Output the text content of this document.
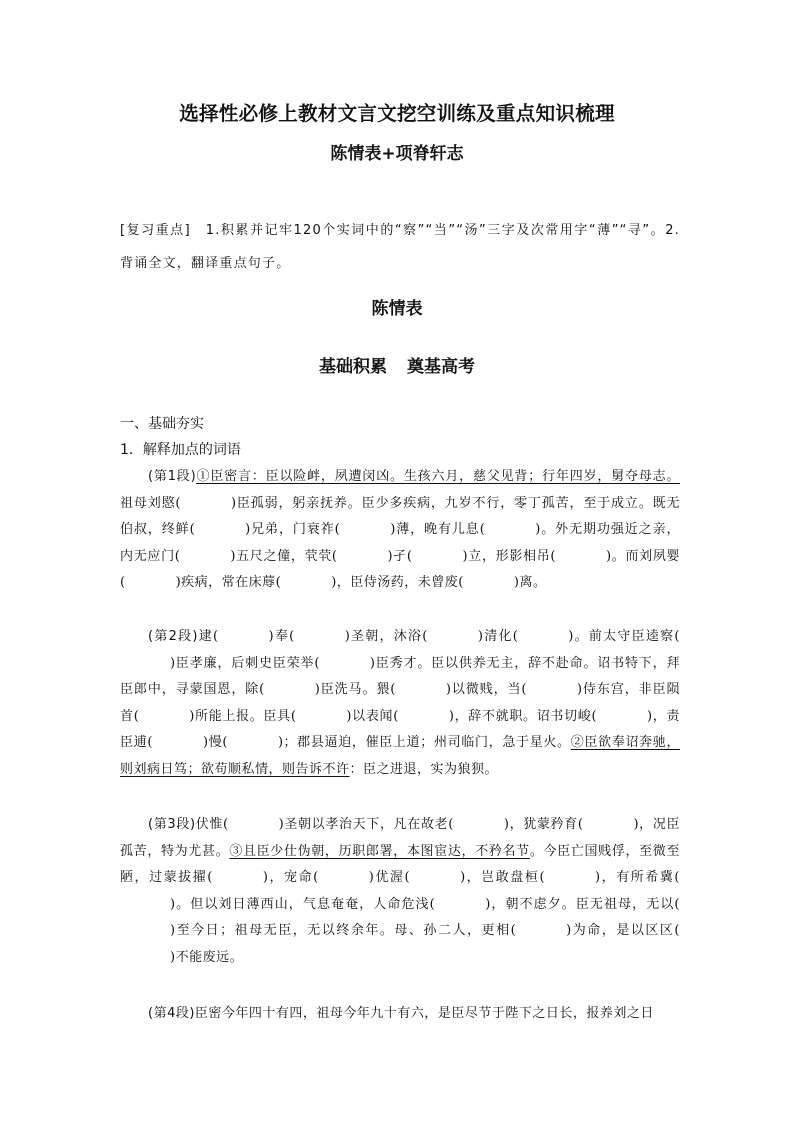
选择性必修上教材文言文挖空训练及重点知识梳理
陈情表+项脊轩志
[复习重点]　1.积累并记牢120个实词中的“察”“当”“汤”三字及次常用字“薄”“寻”。2.背诵全文，翻译重点句子。
陈情表
基础积累 奠基高考
一、基础夯实
1．解释加点的词语
(第1段)①臣密言：臣以险衅，夙遭闵凶。生孩六月，慈父见背；行年四岁，舅夺母志。祖母刘愍(	)臣孤弱，躬亲抚养。臣少多疾病，九岁不行，零丁孤苦，至于成立。既无伯叔，终鲜(	)兄弟，门衰祚(	)薄，晚有儿息(	)。外无期功强近之亲，内无应门(	)五尺之僮，茕茕(	)孑(	)立，形影相吊(	)。而刘夙婴(	)疾病，常在床蓐(	)，臣侍汤药，未曾废(	)离。
(第2段)逮(	)奉(	)圣朝，沐浴(	)清化(	)。前太守臣逵察()臣孝廉，后刺史臣荣举(	)臣秀才。臣以供养无主，辞不赴命。诏书特下，拜臣郎中，寻蒙国恩，除(	)臣洗马。猥(	)以微贱，当(	)侍东宫，非臣陨首(	)所能上报。臣具(	)以表闻(	)，辞不就职。诏书切峻(	)，责臣逋(	)慢(	)；郡县逼迫，催臣上道；州司临门，急于星火。②臣欲奉诏奔驰，则刘病日笃；欲苟顺私情，则告诉不许：臣之进退，实为狼狈。
(第3段)伏惟(	)圣朝以孝治天下，凡在故老(	)，犹蒙矜育(	)，况臣孤苦，特为尤甚。③且臣少仕伪朝，历职郎署，本图宦达，不矜名节。今臣亡国贱俘，至微至陋，过蒙拔擢(	)，宠命(	)优渥(	)，岂敢盘桓(	)，有所希冀()。但以刘日薄西山，气息奄奄，人命危浅(	)，朝不虑夕。臣无祖母，无以()至今日；祖母无臣，无以终余年。母、孙二人，更相(	)为命，是以区区()不能废远。
(第4段)臣密今年四十有四，祖母今年九十有六，是臣尽节于陛下之日长，报养刘之日
